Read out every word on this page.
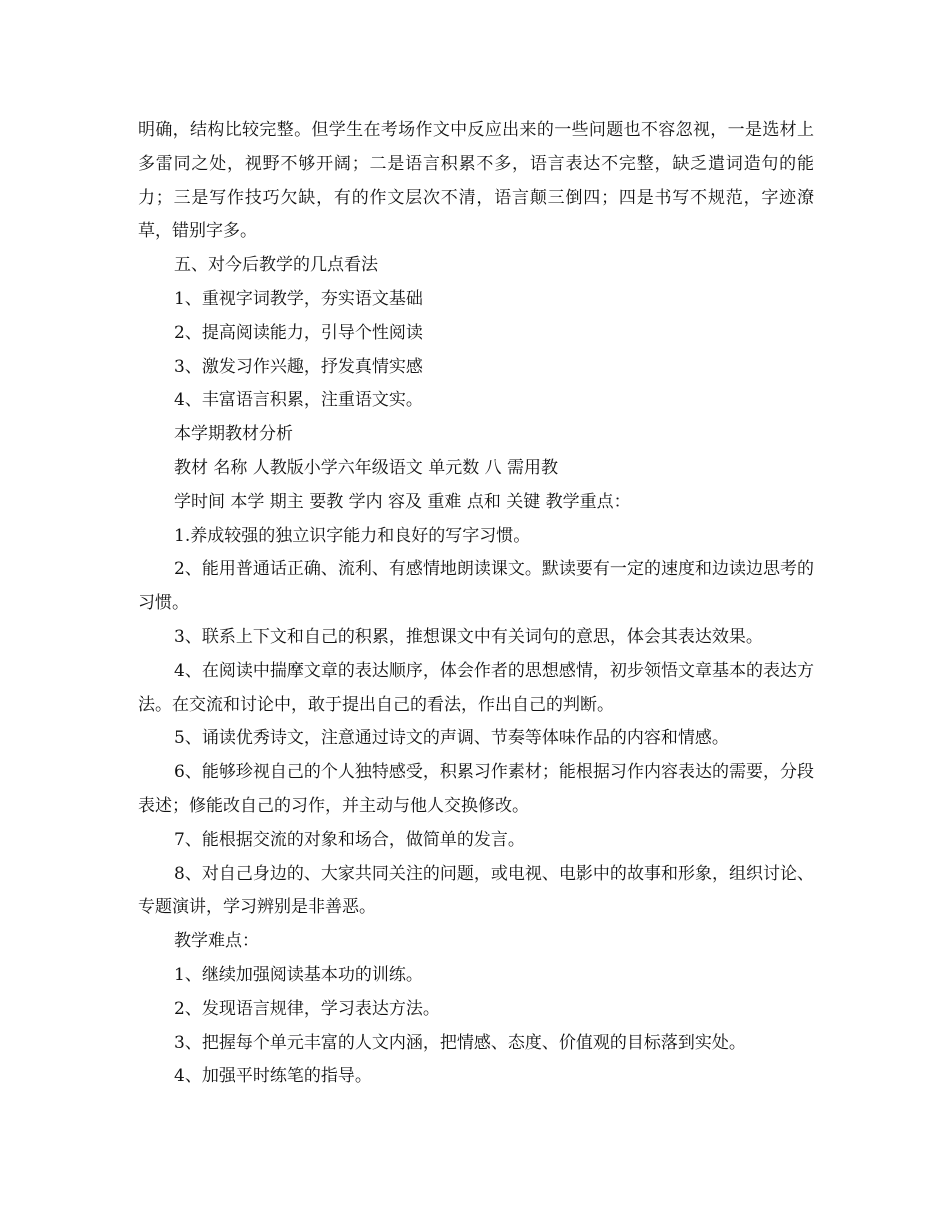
明确，结构比较完整。但学生在考场作文中反应出来的一些问题也不容忽视，一是选材上多雷同之处，视野不够开阔；二是语言积累不多，语言表达不完整，缺乏遣词造句的能力；三是写作技巧欠缺，有的作文层次不清，语言颠三倒四；四是书写不规范，字迹潦草，错别字多。

五、对今后教学的几点看法

1、重视字词教学，夯实语文基础

2、提高阅读能力，引导个性阅读

3、激发习作兴趣，抒发真情实感

4、丰富语言积累，注重语文实。

本学期教材分析

教材 名称 人教版小学六年级语文 单元数 八 需用教

学时间 本学 期主 要教 学内 容及 重难 点和 关键 教学重点：

1.养成较强的独立识字能力和良好的写字习惯。

2、能用普通话正确、流利、有感情地朗读课文。默读要有一定的速度和边读边思考的习惯。

3、联系上下文和自己的积累，推想课文中有关词句的意思，体会其表达效果。

4、在阅读中揣摩文章的表达顺序，体会作者的思想感情，初步领悟文章基本的表达方法。在交流和讨论中，敢于提出自己的看法，作出自己的判断。

5、诵读优秀诗文，注意通过诗文的声调、节奏等体味作品的内容和情感。

6、能够珍视自己的个人独特感受，积累习作素材；能根据习作内容表达的需要，分段表述；修能改自己的习作，并主动与他人交换修改。

7、能根据交流的对象和场合，做简单的发言。

8、对自己身边的、大家共同关注的问题，或电视、电影中的故事和形象，组织讨论、专题演讲，学习辨别是非善恶。

教学难点：

1、继续加强阅读基本功的训练。

2、发现语言规律，学习表达方法。

3、把握每个单元丰富的人文内涵，把情感、态度、价值观的目标落到实处。

4、加强平时练笔的指导。
